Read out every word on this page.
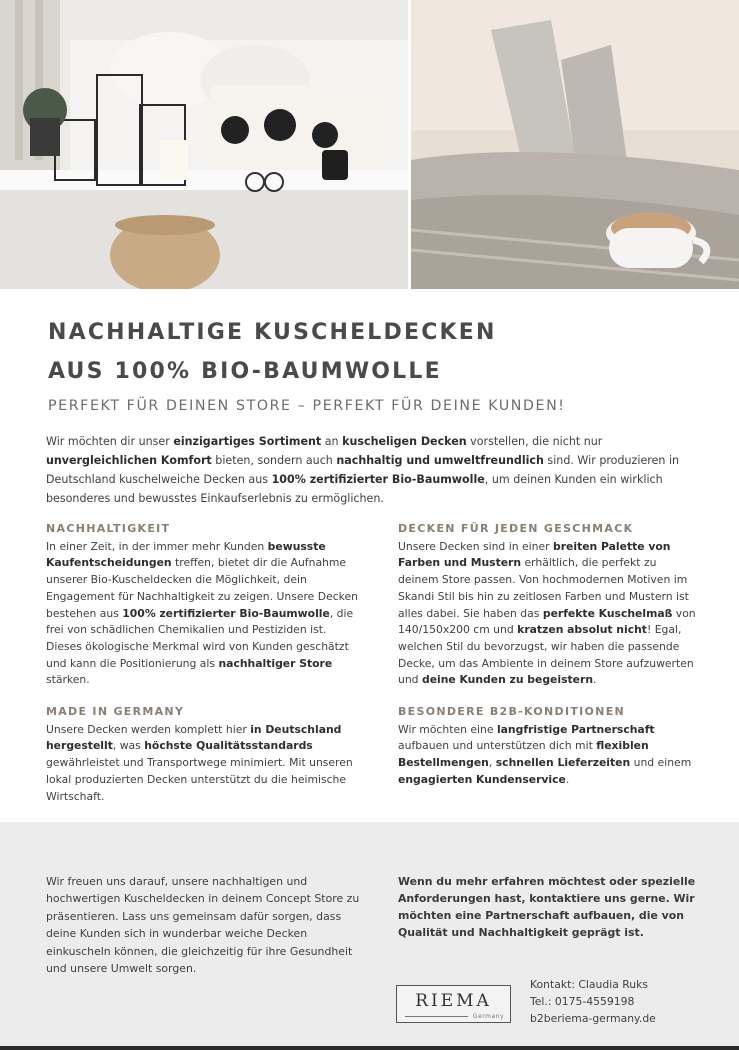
NACHHALTIGE KUSCHELDECKEN
AUS 100% BIO-BAUMWOLLE
PERFEKT FÜR DEINEN STORE – PERFEKT FÜR DEINE KUNDEN!

Wir möchten dir unser einzigartiges Sortiment an kuscheligen Decken vorstellen, die nicht nur unvergleichlichen Komfort bieten, sondern auch nachhaltig und umweltfreundlich sind. Wir produzieren in Deutschland kuschelweiche Decken aus 100% zertifizierter Bio-Baumwolle, um deinen Kunden ein wirklich besonderes und bewusstes Einkaufserlebnis zu ermöglichen.

NACHHALTIGKEIT

In einer Zeit, in der immer mehr Kunden bewusste Kaufentscheidungen treffen, bietet dir die Aufnahme unserer Bio-Kuscheldecken die Möglichkeit, dein Engagement für Nachhaltigkeit zu zeigen. Unsere Decken bestehen aus 100% zertifizierter Bio-Baumwolle, die frei von schädlichen Chemikalien und Pestiziden ist. Dieses ökologische Merkmal wird von Kunden geschätzt und kann die Positionierung als nachhaltiger Store stärken.

MADE IN GERMANY

Unsere Decken werden komplett hier in Deutschland hergestellt, was höchste Qualitätsstandards gewährleistet und Transportwege minimiert. Mit unseren lokal produzierten Decken unterstützt du die heimische Wirtschaft.

DECKEN FÜR JEDEN GESCHMACK

Unsere Decken sind in einer breiten Palette von Farben und Mustern erhältlich, die perfekt zu deinem Store passen. Von hochmodernen Motiven im Skandi Stil bis hin zu zeitlosen Farben und Mustern ist alles dabei. Sie haben das perfekte Kuschelmaß von 140/150x200 cm und kratzen absolut nicht! Egal, welchen Stil du bevorzugst, wir haben die passende Decke, um das Ambiente in deinem Store aufzuwerten und deine Kunden zu begeistern.

BESONDERE B2B-KONDITIONEN

Wir möchten eine langfristige Partnerschaft aufbauen und unterstützen dich mit flexiblen Bestellmengen, schnellen Lieferzeiten und einem engagierten Kundenservice.

Wir freuen uns darauf, unsere nachhaltigen und hochwertigen Kuscheldecken in deinem Concept Store zu präsentieren. Lass uns gemeinsam dafür sorgen, dass deine Kunden sich in wunderbar weiche Decken einkuscheln können, die gleichzeitig für ihre Gesundheit und unsere Umwelt sorgen.

Wenn du mehr erfahren möchtest oder spezielle Anforderungen hast, kontaktiere uns gerne. Wir möchten eine Partnerschaft aufbauen, die von Qualität und Nachhaltigkeit geprägt ist.

RIEMA
Germany
Kontakt: Claudia Ruks
Tel.: 0175-4559198
b2beriema-germany.de
